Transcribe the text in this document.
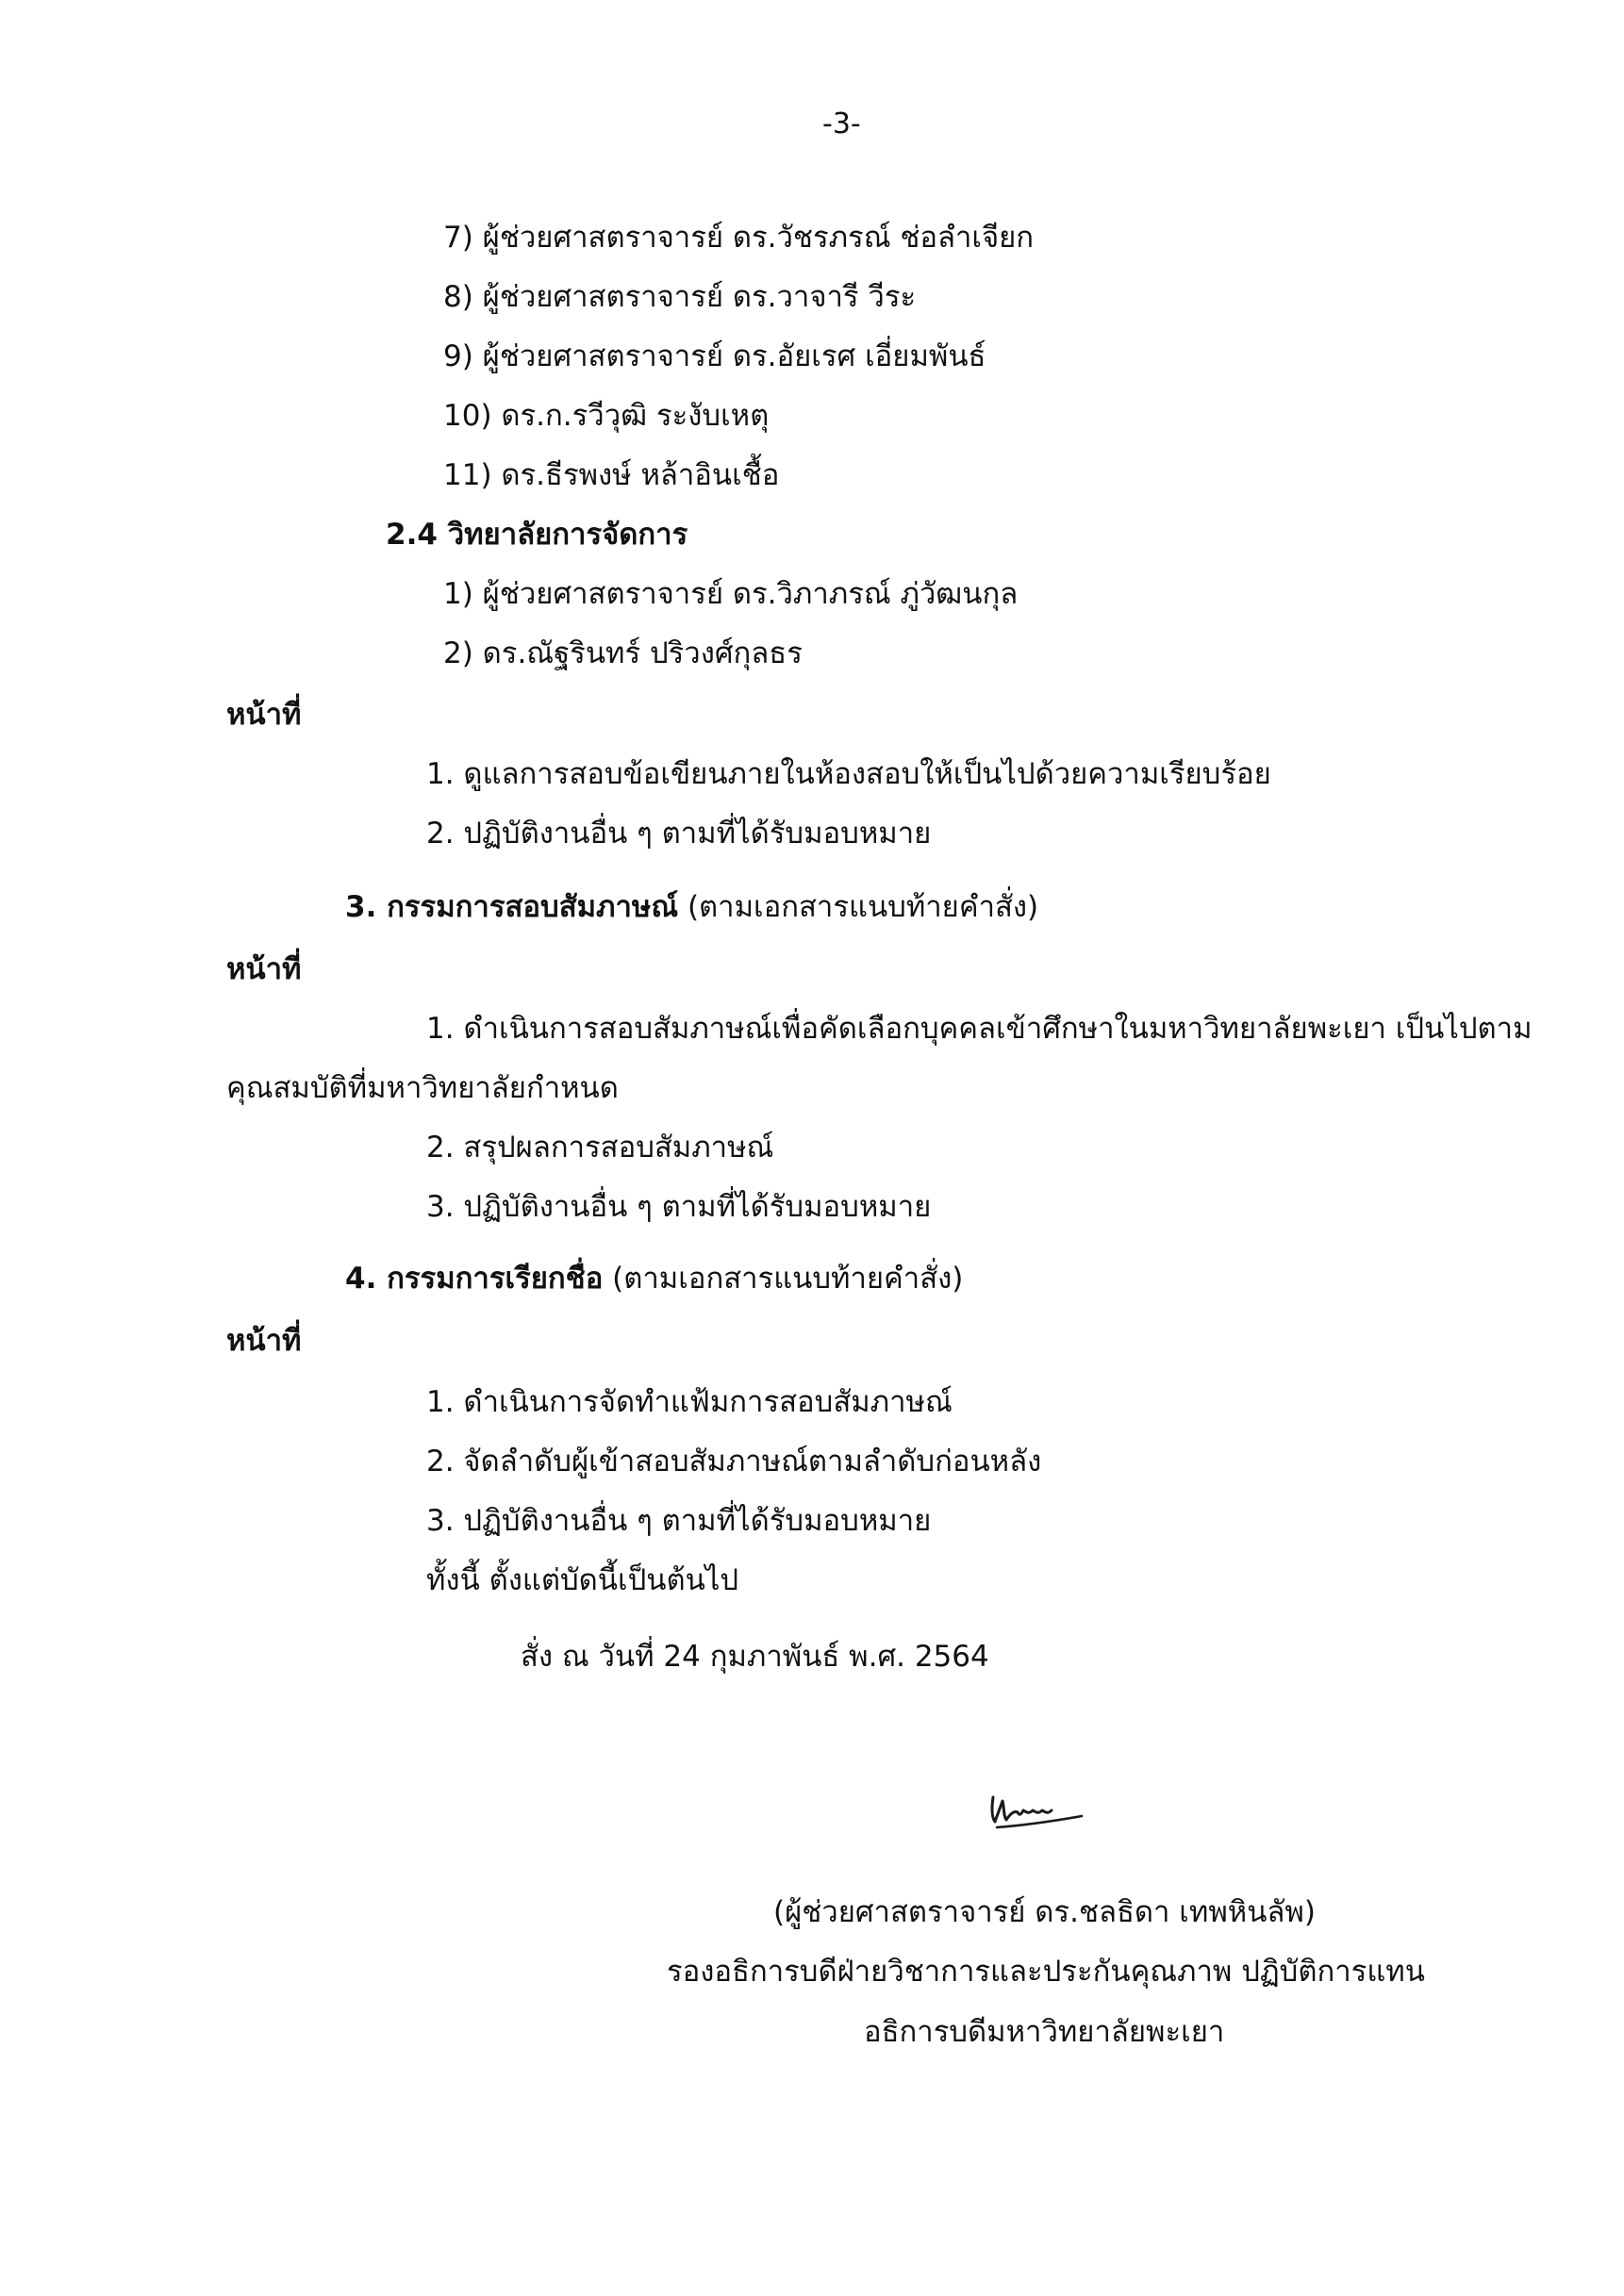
-3-
7) ผู้ช่วยศาสตราจารย์ ดร.วัชรภรณ์ ช่อลำเจียก
8) ผู้ช่วยศาสตราจารย์ ดร.วาจารี วีระ
9) ผู้ช่วยศาสตราจารย์ ดร.อัยเรศ เอี่ยมพันธ์
10) ดร.ก.รวีวุฒิ ระงับเหตุ
11) ดร.ธีรพงษ์ หล้าอินเชื้อ
2.4 วิทยาลัยการจัดการ
1) ผู้ช่วยศาสตราจารย์ ดร.วิภาภรณ์ ภู่วัฒนกุล
2) ดร.ณัฐรินทร์ ปริวงศ์กุลธร
หน้าที่
1. ดูแลการสอบข้อเขียนภายในห้องสอบให้เป็นไปด้วยความเรียบร้อย
2. ปฏิบัติงานอื่น ๆ ตามที่ได้รับมอบหมาย
3. กรรมการสอบสัมภาษณ์ (ตามเอกสารแนบท้ายคำสั่ง)
หน้าที่
1. ดำเนินการสอบสัมภาษณ์เพื่อคัดเลือกบุคคลเข้าศึกษาในมหาวิทยาลัยพะเยา เป็นไปตาม
คุณสมบัติที่มหาวิทยาลัยกำหนด
2. สรุปผลการสอบสัมภาษณ์
3. ปฏิบัติงานอื่น ๆ ตามที่ได้รับมอบหมาย
4. กรรมการเรียกชื่อ (ตามเอกสารแนบท้ายคำสั่ง)
หน้าที่
1. ดำเนินการจัดทำแฟ้มการสอบสัมภาษณ์
2. จัดลำดับผู้เข้าสอบสัมภาษณ์ตามลำดับก่อนหลัง
3. ปฏิบัติงานอื่น ๆ ตามที่ได้รับมอบหมาย
ทั้งนี้ ตั้งแต่บัดนี้เป็นต้นไป
สั่ง ณ วันที่ 24 กุมภาพันธ์ พ.ศ. 2564
(ผู้ช่วยศาสตราจารย์ ดร.ชลธิดา เทพหินลัพ)
รองอธิการบดีฝ่ายวิชาการและประกันคุณภาพ ปฏิบัติการแทน
อธิการบดีมหาวิทยาลัยพะเยา
